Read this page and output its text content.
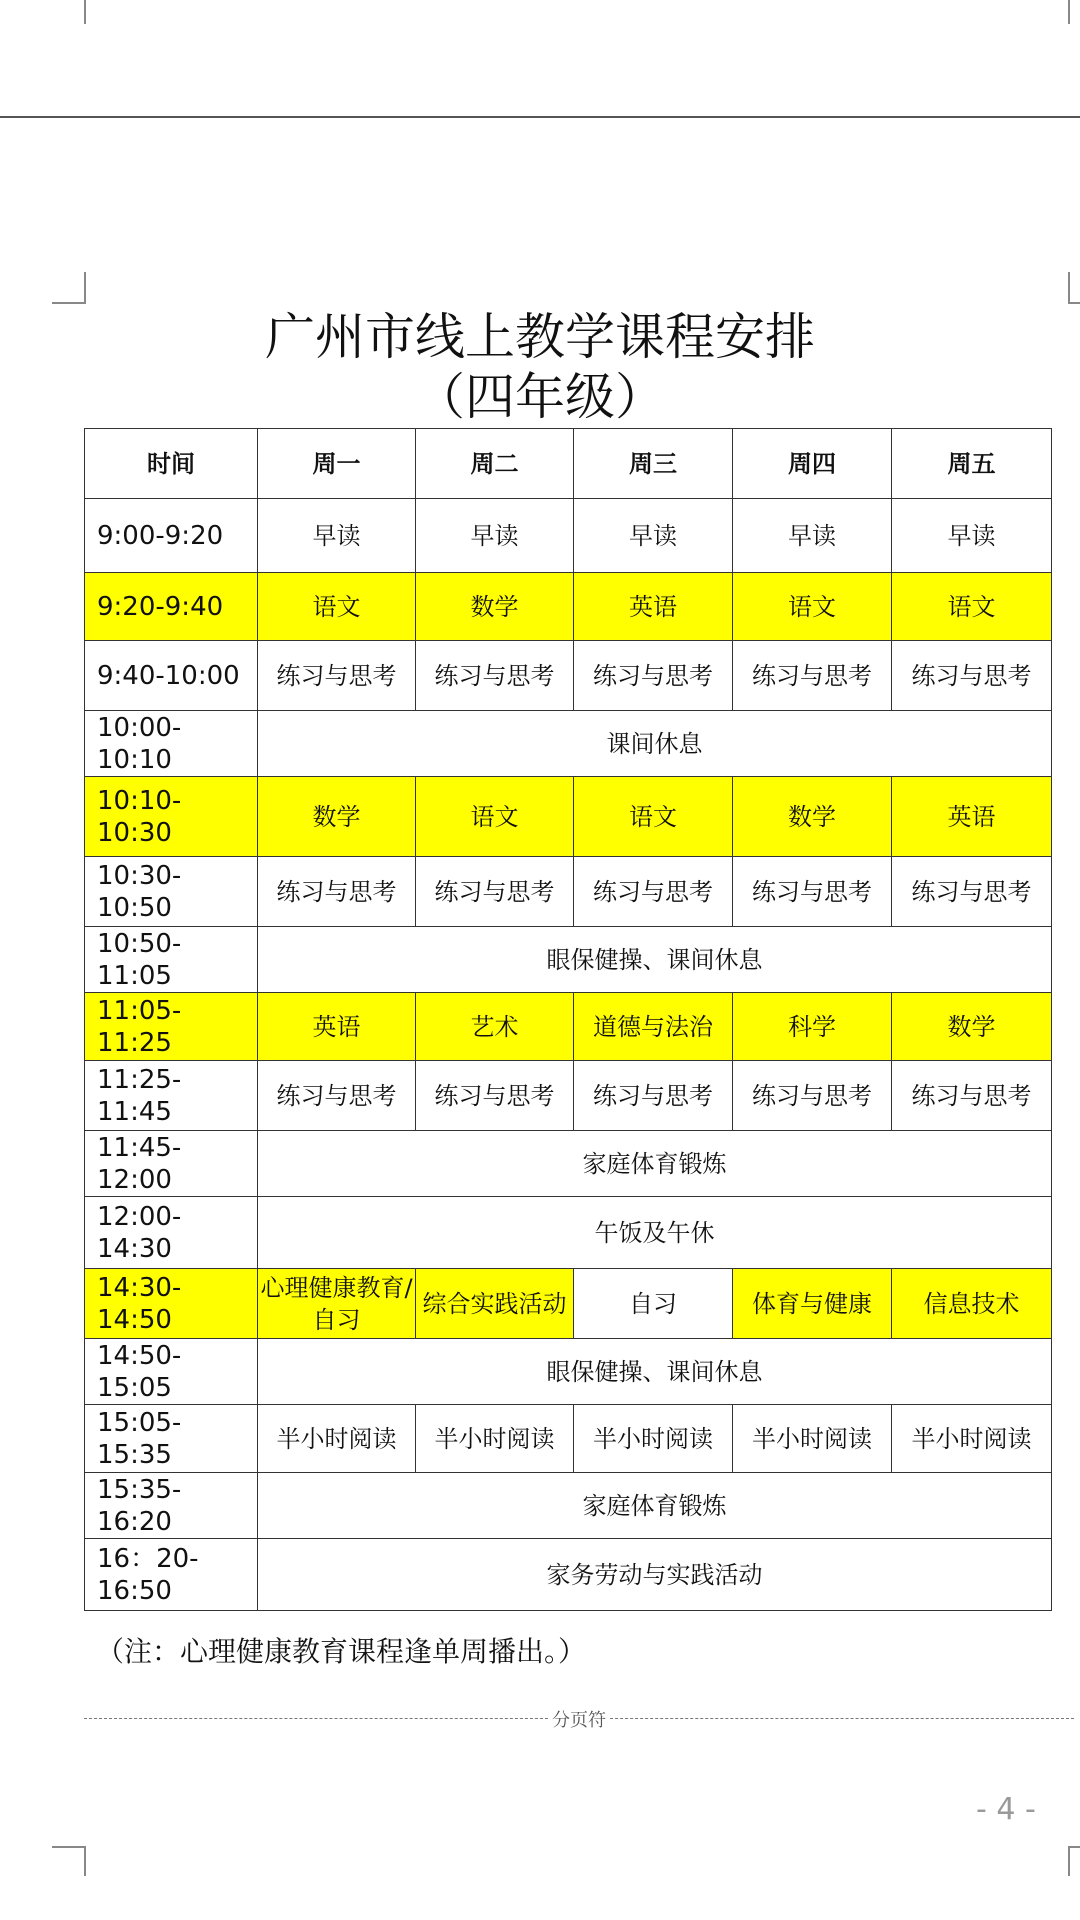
广州市线上教学课程安排
（四年级）
时间	周一	周二	周三	周四	周五
9:00-9:20	早读	早读	早读	早读	早读
9:20-9:40	语文	数学	英语	语文	语文
9:40-10:00	练习与思考	练习与思考	练习与思考	练习与思考	练习与思考
10:00-10:10	课间休息				
10:10-10:30	数学	语文	语文	数学	英语
10:30-10:50	练习与思考	练习与思考	练习与思考	练习与思考	练习与思考
10:50-11:05	眼保健操、课间休息				
11:05-11:25	英语	艺术	道德与法治	科学	数学
11:25-11:45	练习与思考	练习与思考	练习与思考	练习与思考	练习与思考
11:45-12:00	家庭体育锻炼				
12:00-14:30	午饭及午休				
14:30-14:50	心理健康教育/自习	综合实践活动	自习	体育与健康	信息技术
14:50-15:05	眼保健操、课间休息				
15:05-15:35	半小时阅读	半小时阅读	半小时阅读	半小时阅读	半小时阅读
15:35-16:20	家庭体育锻炼				
16：20-16:50	家务劳动与实践活动				
（注：心理健康教育课程逢单周播出。）
分页符
- 4 -
